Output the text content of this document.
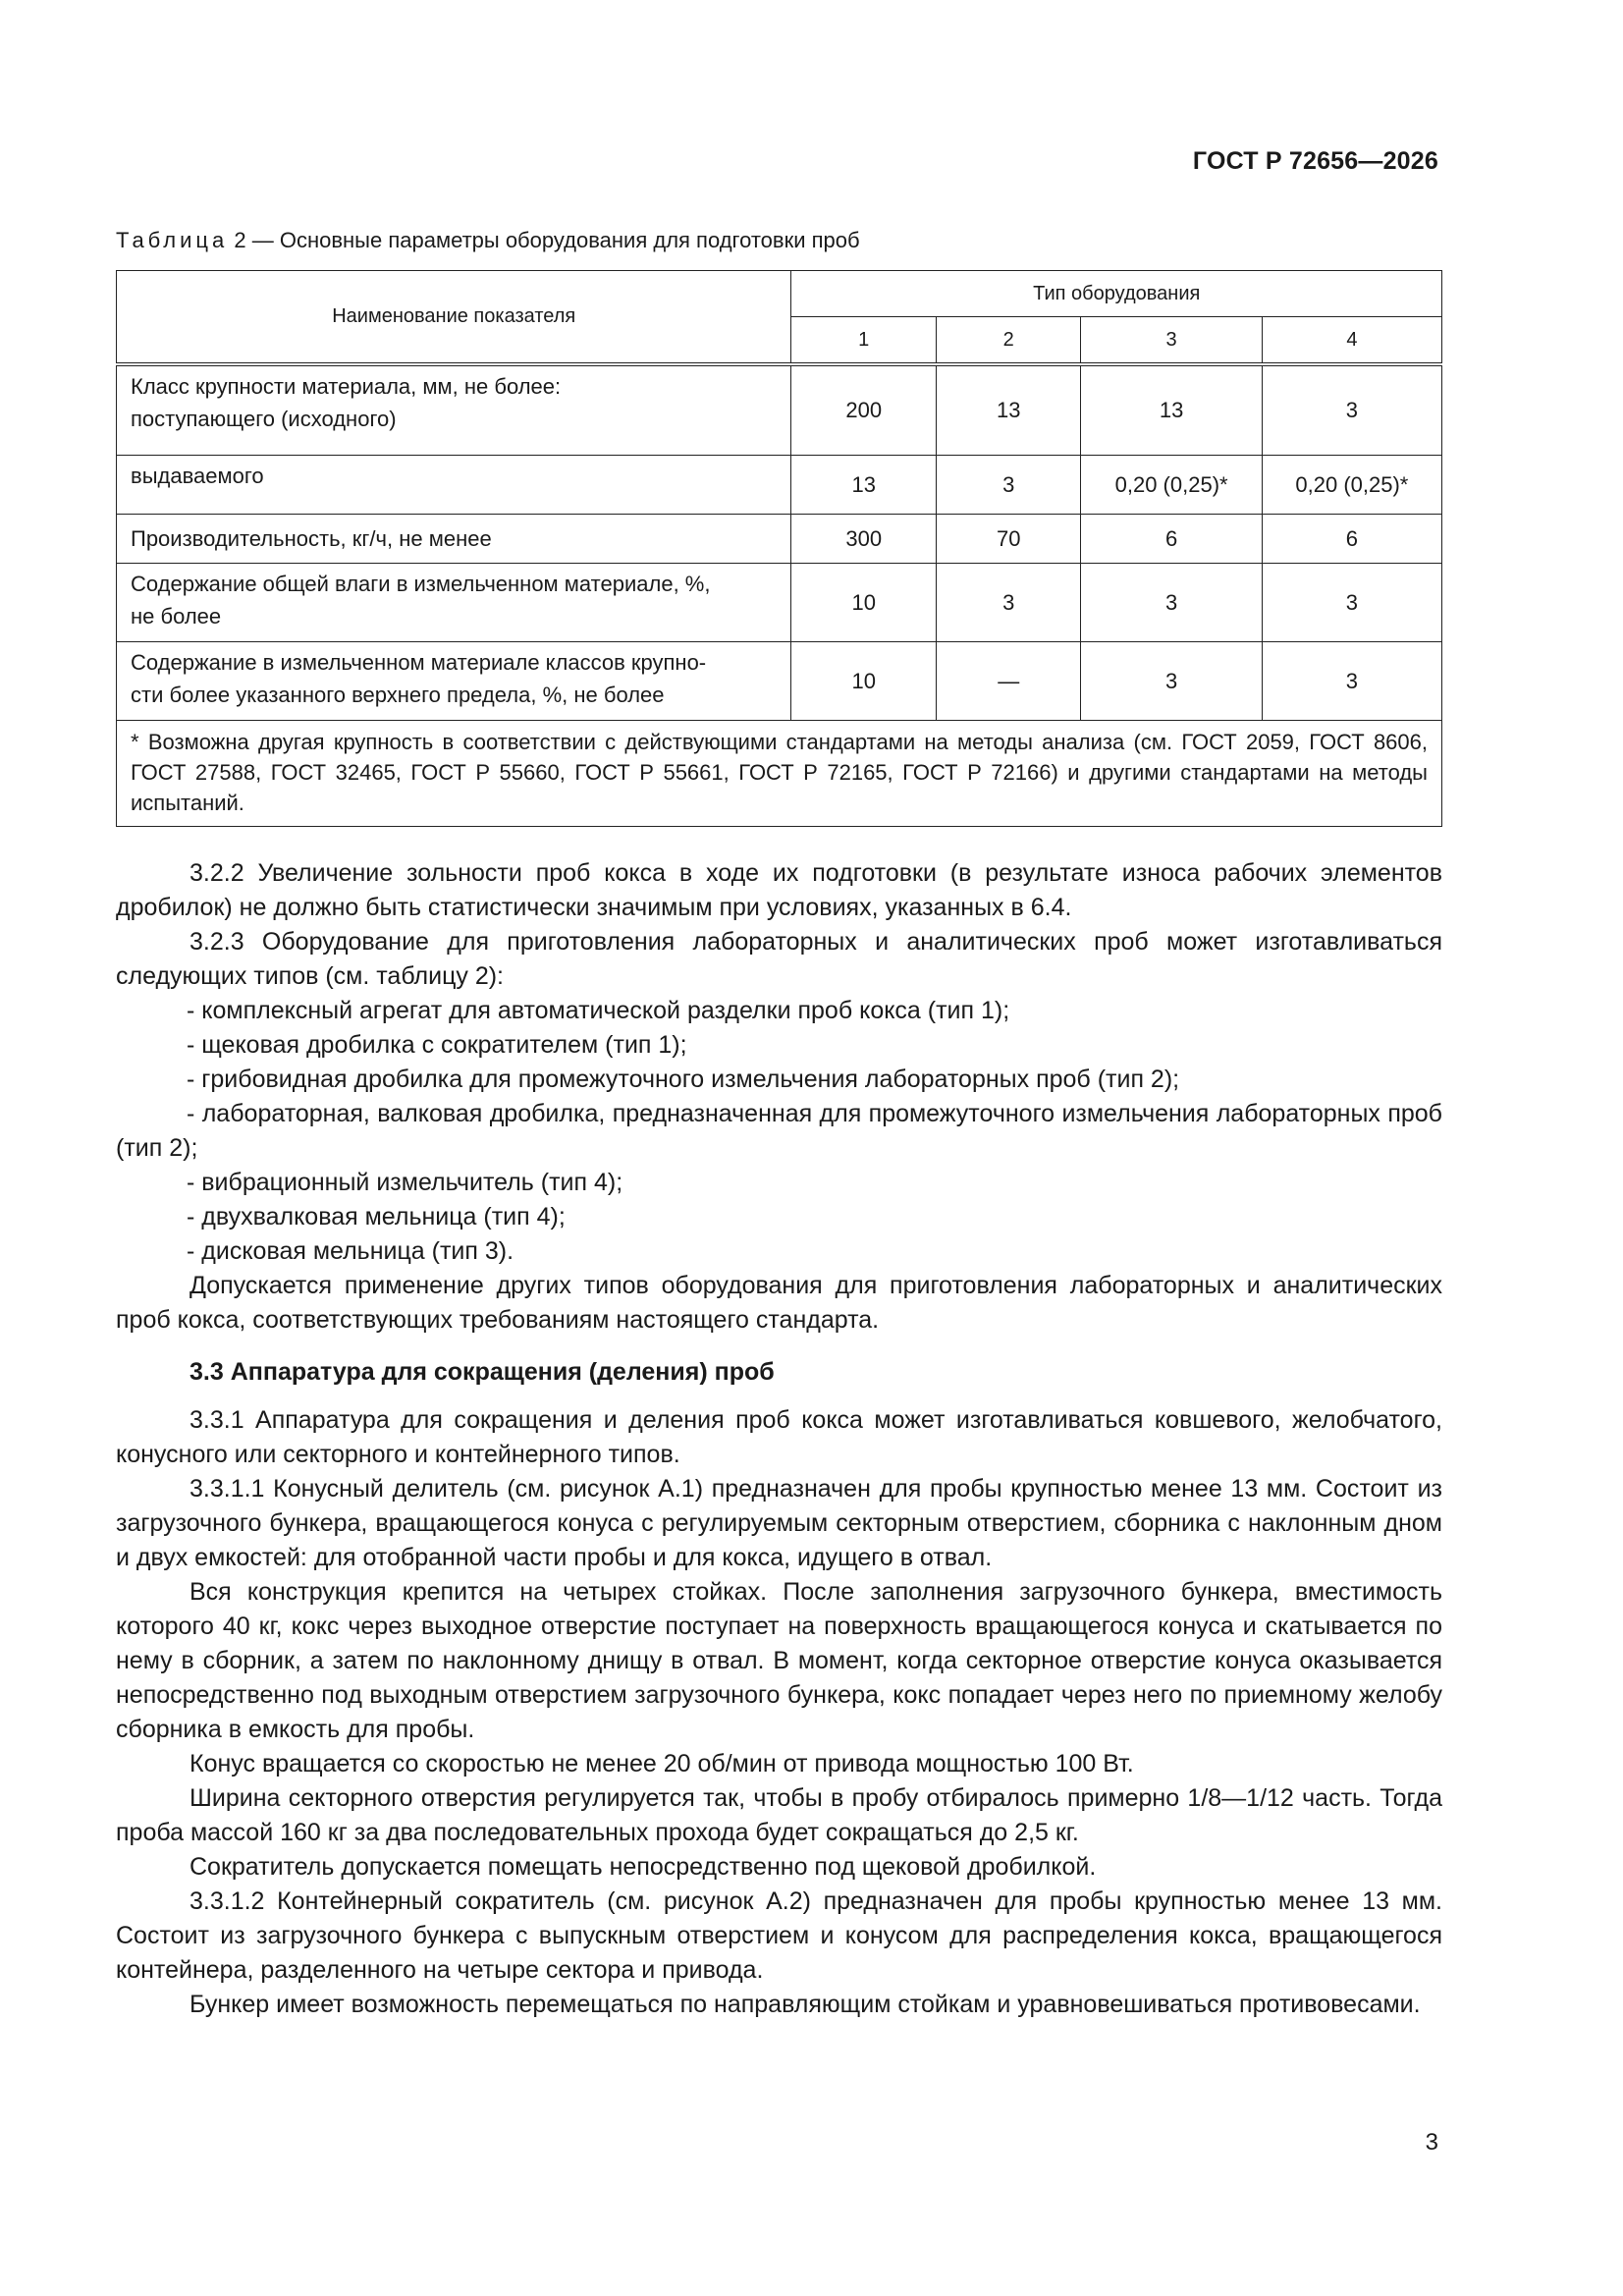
ГОСТ Р 72656—2026
Таблица 2 — Основные параметры оборудования для подготовки проб
Наименование показателя	Тип оборудования			
	1	2	3	4

Класс крупности материала, мм, не более:
поступающего (исходного)	200	13	13	3

выдаваемого	13	3	0,20 (0,25)*	0,20 (0,25)*

Производительность, кг/ч, не менее	300	70	6	6

Содержание общей влаги в измельченном материале, %,
не более	10	3	3	3

Содержание в измельченном материале классов крупно-
сти более указанного верхнего предела, %, не более	10	—	3	3
* Возможна другая крупность в соответствии с действующими стандартами на методы анализа (см. ГОСТ 2059, ГОСТ 8606, ГОСТ 27588, ГОСТ 32465, ГОСТ Р 55660, ГОСТ Р 55661, ГОСТ Р 72165, ГОСТ Р 72166) и другими стандартами на методы испытаний.				

3.2.2 Увеличение зольности проб кокса в ходе их подготовки (в результате износа рабочих элементов дробилок) не должно быть статистически значимым при условиях, указанных в 6.4.

3.2.3 Оборудование для приготовления лабораторных и аналитических проб может изготавливаться следующих типов (см. таблицу 2):

- комплексный агрегат для автоматической разделки проб кокса (тип 1);

- щековая дробилка с сократителем (тип 1);

- грибовидная дробилка для промежуточного измельчения лабораторных проб (тип 2);

- лабораторная, валковая дробилка, предназначенная для промежуточного измельчения лабораторных проб (тип 2);

- вибрационный измельчитель (тип 4);

- двухвалковая мельница (тип 4);

- дисковая мельница (тип 3).

Допускается применение других типов оборудования для приготовления лабораторных и аналитических проб кокса, соответствующих требованиям настоящего стандарта.

3.3 Аппаратура для сокращения (деления) проб

3.3.1 Аппаратура для сокращения и деления проб кокса может изготавливаться ковшевого, желобчатого, конусного или секторного и контейнерного типов.

3.3.1.1 Конусный делитель (см. рисунок А.1) предназначен для пробы крупностью менее 13 мм. Состоит из загрузочного бункера, вращающегося конуса с регулируемым секторным отверстием, сборника с наклонным дном и двух емкостей: для отобранной части пробы и для кокса, идущего в отвал.

Вся конструкция крепится на четырех стойках. После заполнения загрузочного бункера, вместимость которого 40 кг, кокс через выходное отверстие поступает на поверхность вращающегося конуса и скатывается по нему в сборник, а затем по наклонному днищу в отвал. В момент, когда секторное отверстие конуса оказывается непосредственно под выходным отверстием загрузочного бункера, кокс попадает через него по приемному желобу сборника в емкость для пробы.

Конус вращается со скоростью не менее 20 об/мин от привода мощностью 100 Вт.

Ширина секторного отверстия регулируется так, чтобы в пробу отбиралось примерно 1/8—1/12 часть. Тогда проба массой 160 кг за два последовательных прохода будет сокращаться до 2,5 кг.

Сократитель допускается помещать непосредственно под щековой дробилкой.

3.3.1.2 Контейнерный сократитель (см. рисунок А.2) предназначен для пробы крупностью менее 13 мм. Состоит из загрузочного бункера с выпускным отверстием и конусом для распределения кокса, вращающегося контейнера, разделенного на четыре сектора и привода.

Бункер имеет возможность перемещаться по направляющим стойкам и уравновешиваться противовесами.

3
